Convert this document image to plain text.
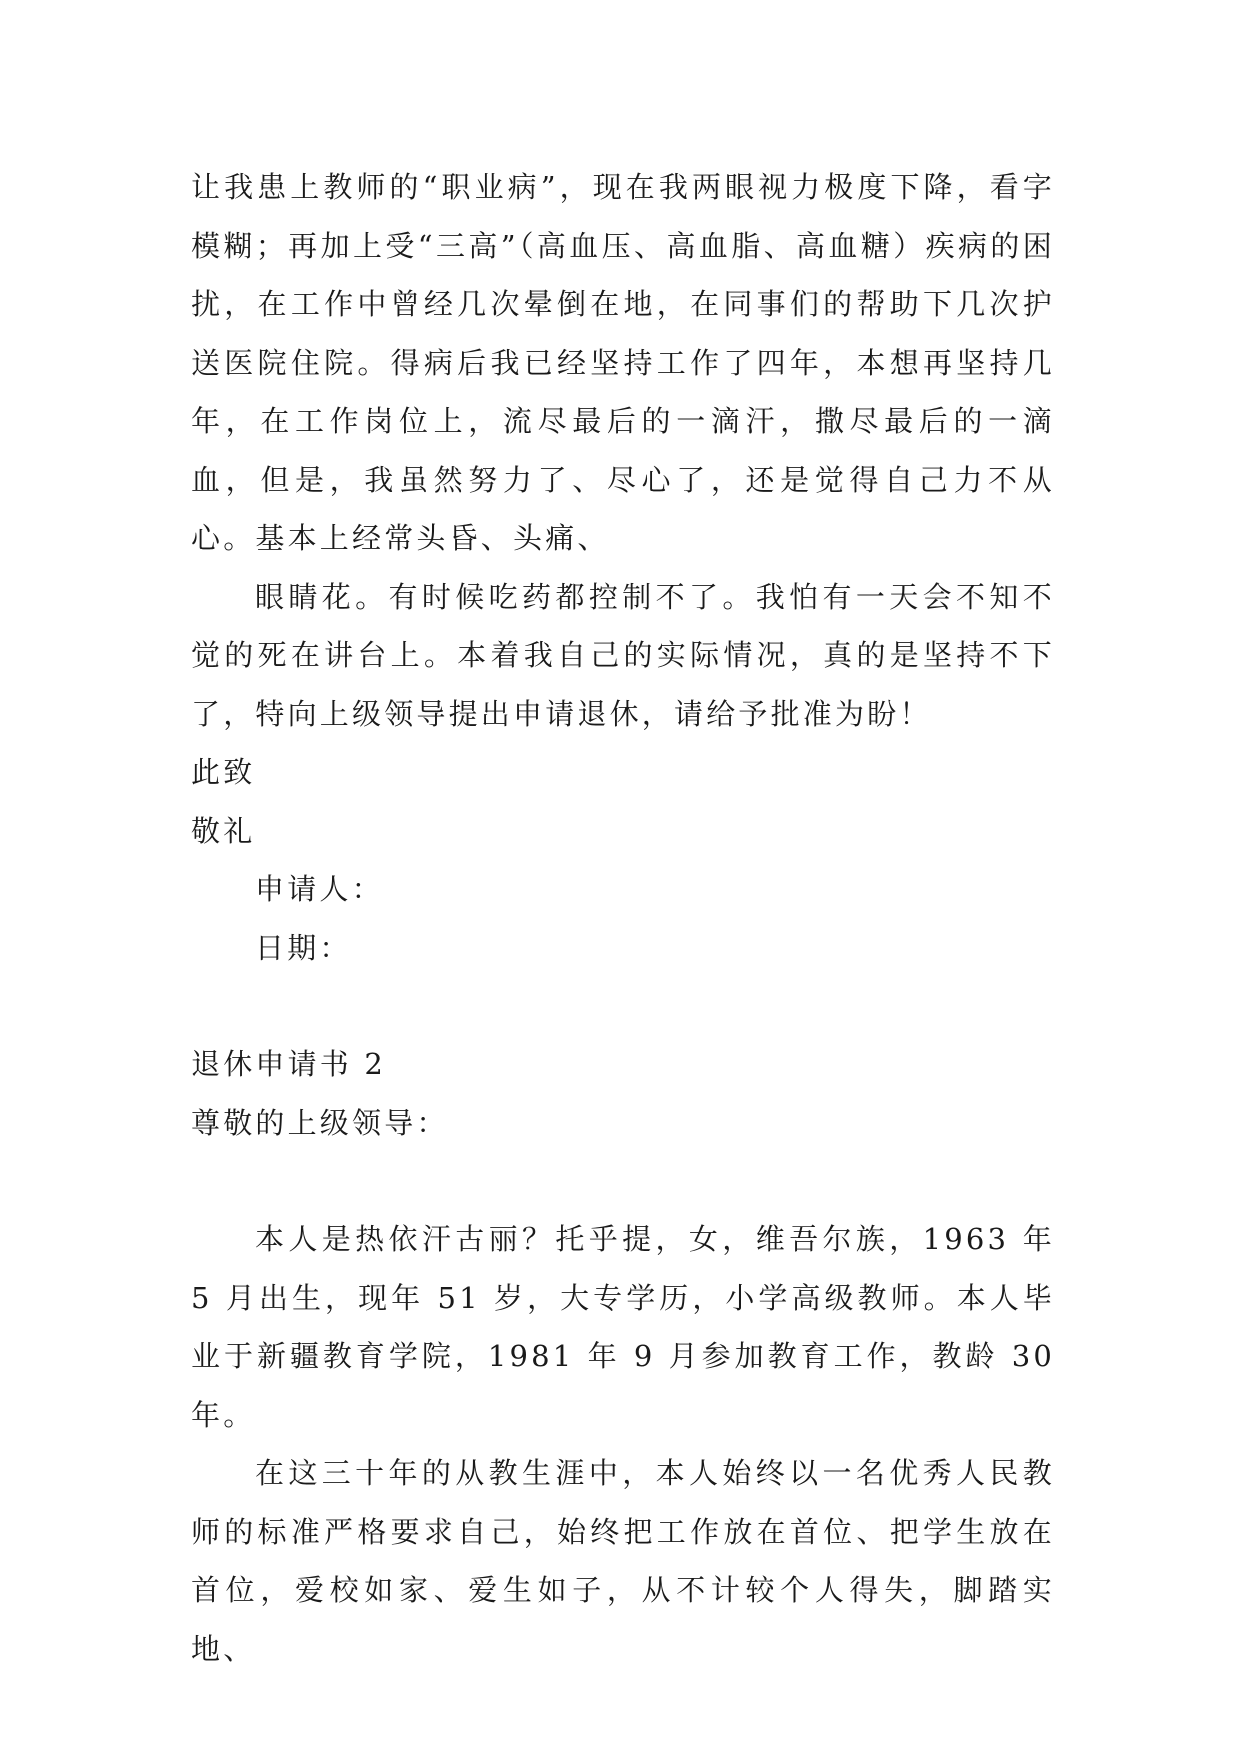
让我患上教师的“职业病”，现在我两眼视力极度下降，看字模糊；再加上受“三高”（高血压、高血脂、高血糖）疾病的困扰，在工作中曾经几次晕倒在地，在同事们的帮助下几次护送医院住院。得病后我已经坚持工作了四年，本想再坚持几年，在工作岗位上，流尽最后的一滴汗，撒尽最后的一滴血，但是，我虽然努力了、尽心了，还是觉得自己力不从心。基本上经常头昏、头痛、

眼睛花。有时候吃药都控制不了。我怕有一天会不知不觉的死在讲台上。本着我自己的实际情况，真的是坚持不下了，特向上级领导提出申请退休，请给予批准为盼！

此致

敬礼

申请人：

日期：

退休申请书 2

尊敬的上级领导：

本人是热依汗古丽？托乎提，女，维吾尔族，1963 年 5 月出生，现年 51 岁，大专学历，小学高级教师。本人毕业于新疆教育学院，1981 年 9 月参加教育工作，教龄 30 年。

在这三十年的从教生涯中，本人始终以一名优秀人民教师的标准严格要求自己，始终把工作放在首位、把学生放在首位，爱校如家、爱生如子，从不计较个人得失，脚踏实地、
